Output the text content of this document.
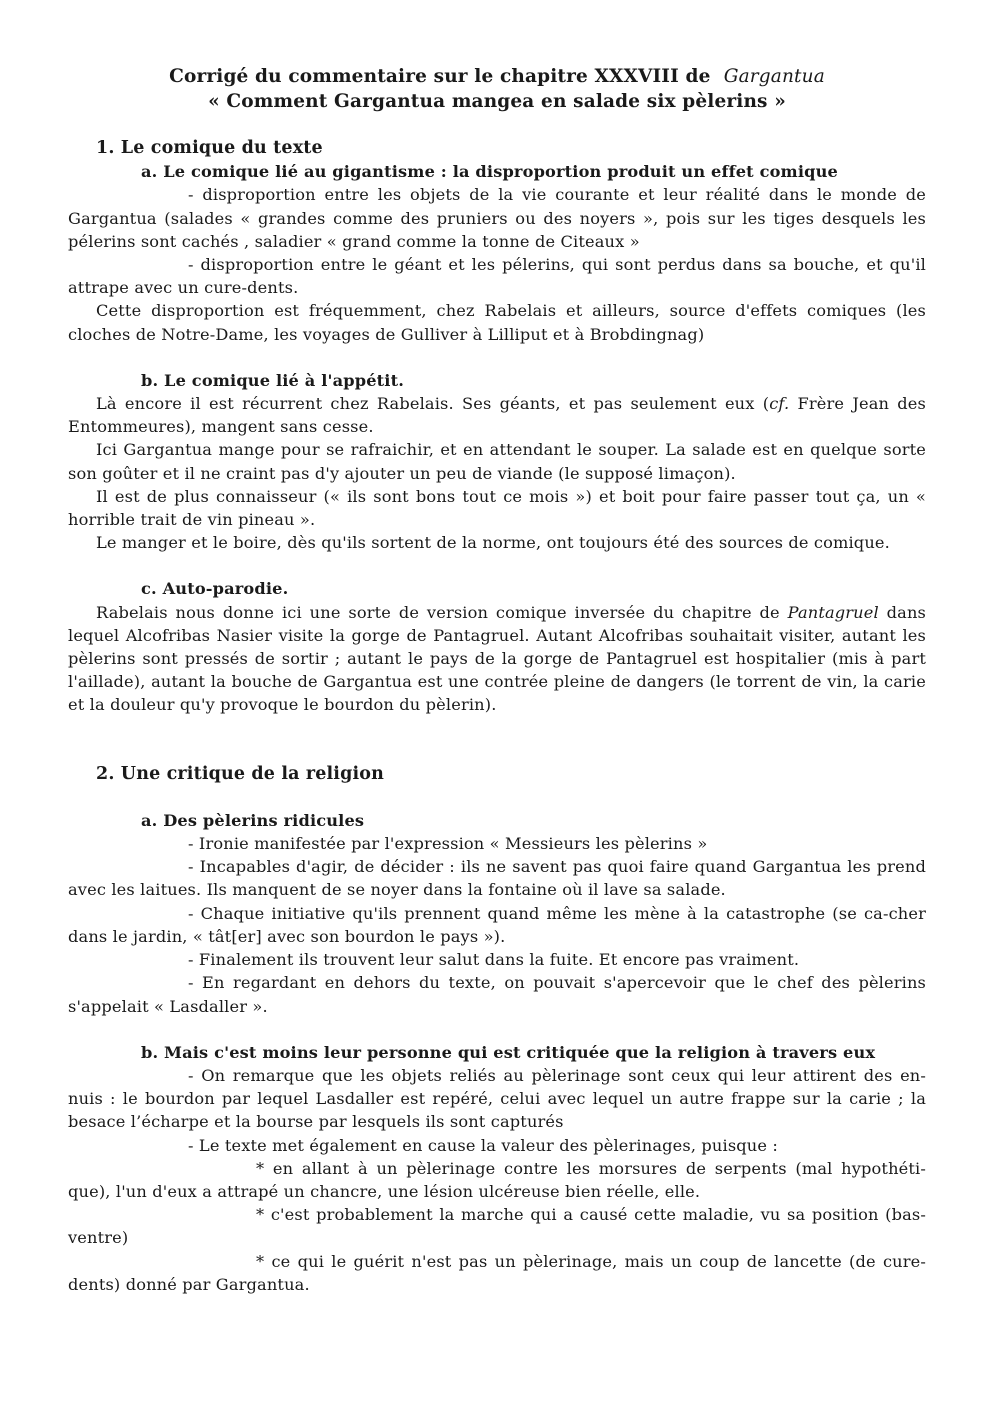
Corrigé du commentaire sur le chapitre XXXVIII de Gargantua
« Comment Gargantua mangea en salade six pèlerins »
1. Le comique du texte
a. Le comique lié au gigantisme : la disproportion produit un effet comique

- disproportion entre les objets de la vie courante et leur réalité dans le monde de Gargantua (salades « grandes comme des pruniers ou des noyers », pois sur les tiges desquels les pélerins sont cachés , saladier « grand comme la tonne de Citeaux »

- disproportion entre le géant et les pélerins, qui sont perdus dans sa bouche, et qu'il attrape avec un cure-dents.

Cette disproportion est fréquemment, chez Rabelais et ailleurs, source d'effets comiques (les cloches de Notre-Dame, les voyages de Gulliver à Lilliput et à Brobdingnag)

b. Le comique lié à l'appétit.

Là encore il est récurrent chez Rabelais. Ses géants, et pas seulement eux (cf. Frère Jean des Entommeures), mangent sans cesse.

Ici Gargantua mange pour se rafraichir, et en attendant le souper. La salade est en quelque sorte son goûter et il ne craint pas d'y ajouter un peu de viande (le supposé limaçon).

Il est de plus connaisseur (« ils sont bons tout ce mois ») et boit pour faire passer tout ça, un « horrible trait de vin pineau ».

Le manger et le boire, dès qu'ils sortent de la norme, ont toujours été des sources de comique.

c. Auto-parodie.

Rabelais nous donne ici une sorte de version comique inversée du chapitre de Pantagruel dans lequel Alcofribas Nasier visite la gorge de Pantagruel. Autant Alcofribas souhaitait visiter, autant les pèlerins sont pressés de sortir ; autant le pays de la gorge de Pantagruel est hospitalier (mis à part l'aillade), autant la bouche de Gargantua est une contrée pleine de dangers (le torrent de vin, la carie et la douleur qu'y provoque le bourdon du pèlerin).

2. Une critique de la religion
a. Des pèlerins ridicules

- Ironie manifestée par l'expression « Messieurs les pèlerins »

- Incapables d'agir, de décider : ils ne savent pas quoi faire quand Gargantua les prend avec les laitues. Ils manquent de se noyer dans la fontaine où il lave sa salade.

- Chaque initiative qu'ils prennent quand même les mène à la catastrophe (se ca-cher dans le jardin, « tât[er] avec son bourdon le pays »).

- Finalement ils trouvent leur salut dans la fuite. Et encore pas vraiment.

- En regardant en dehors du texte, on pouvait s'apercevoir que le chef des pèlerins s'appelait « Lasdaller ».

b. Mais c'est moins leur personne qui est critiquée que la religion à travers eux

- On remarque que les objets reliés au pèlerinage sont ceux qui leur attirent des en-nuis : le bourdon par lequel Lasdaller est repéré, celui avec lequel un autre frappe sur la carie ; la besace l’écharpe et la bourse par lesquels ils sont capturés

- Le texte met également en cause la valeur des pèlerinages, puisque :

* en allant à un pèlerinage contre les morsures de serpents (mal hypothéti-que), l'un d'eux a attrapé un chancre, une lésion ulcéreuse bien réelle, elle.

* c'est probablement la marche qui a causé cette maladie, vu sa position (bas-ventre)

* ce qui le guérit n'est pas un pèlerinage, mais un coup de lancette (de cure-dents) donné par Gargantua.
